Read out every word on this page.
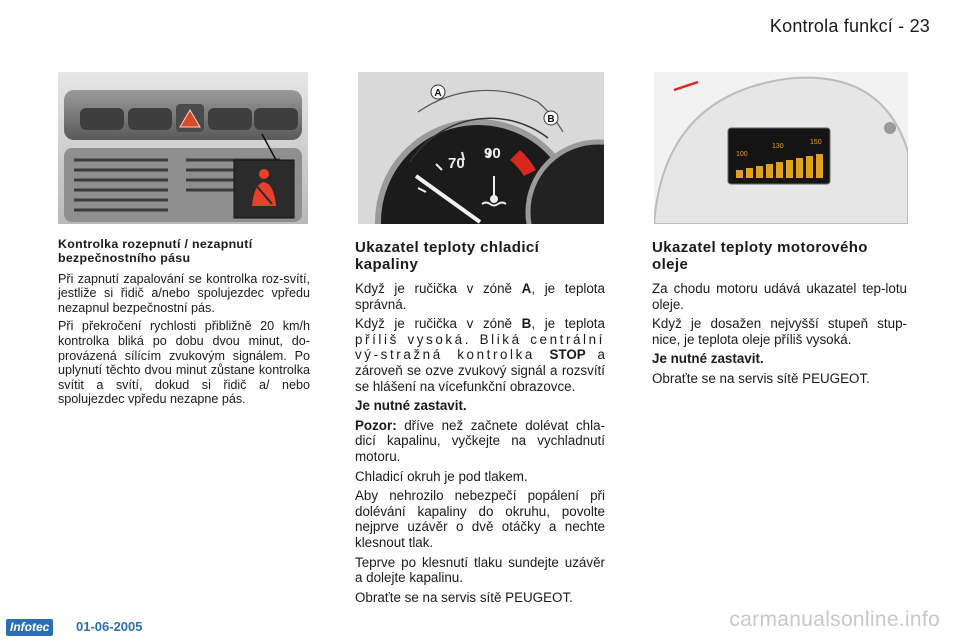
Kontrola funkcí - 23
A
B
70
90	100
130
150
Kontrolka rozepnutí / nezapnutí bezpečnostního pásu

Při zapnutí zapalování se kontrolka roz-svítí, jestliže si řidič a/nebo spolujezdec vpředu nezapnul bezpečnostní pás.

Při překročení rychlosti přibližně 20 km/h kontrolka bliká po dobu dvou minut, do-provázená sílícím zvukovým signálem. Po uplynutí těchto dvou minut zůstane kontrolka svítit a svítí, dokud si řidič a/ nebo spolujezdec vpředu nezapne pás.

Ukazatel teploty chladicí kapaliny

Když je ručička v zóně A, je teplota správná.

Když je ručička v zóně B, je teplota příliš vysoká. Bliká centrální vý-stražná kontrolka STOP a zároveň se ozve zvukový signál a rozsvítí se hlášení na vícefunkční obrazovce.

Je nutné zastavit.

Pozor: dříve než začnete dolévat chla-dicí kapalinu, vyčkejte na vychladnutí motoru.

Chladicí okruh je pod tlakem.

Aby nehrozilo nebezpečí popálení při dolévání kapaliny do okruhu, povolte nejprve uzávěr o dvě otáčky a nechte klesnout tlak.

Teprve po klesnutí tlaku sundejte uzávěr a dolejte kapalinu.

Obraťte se na servis sítě PEUGEOT.

Ukazatel teploty motorového oleje

Za chodu motoru udává ukazatel tep-lotu oleje.

Když je dosažen nejvyšší stupeň stup-nice, je teplota oleje příliš vysoká.

Je nutné zastavit.

Obraťte se na servis sítě PEUGEOT.

Infotec	01-06-2005	carmanualsonline.info
